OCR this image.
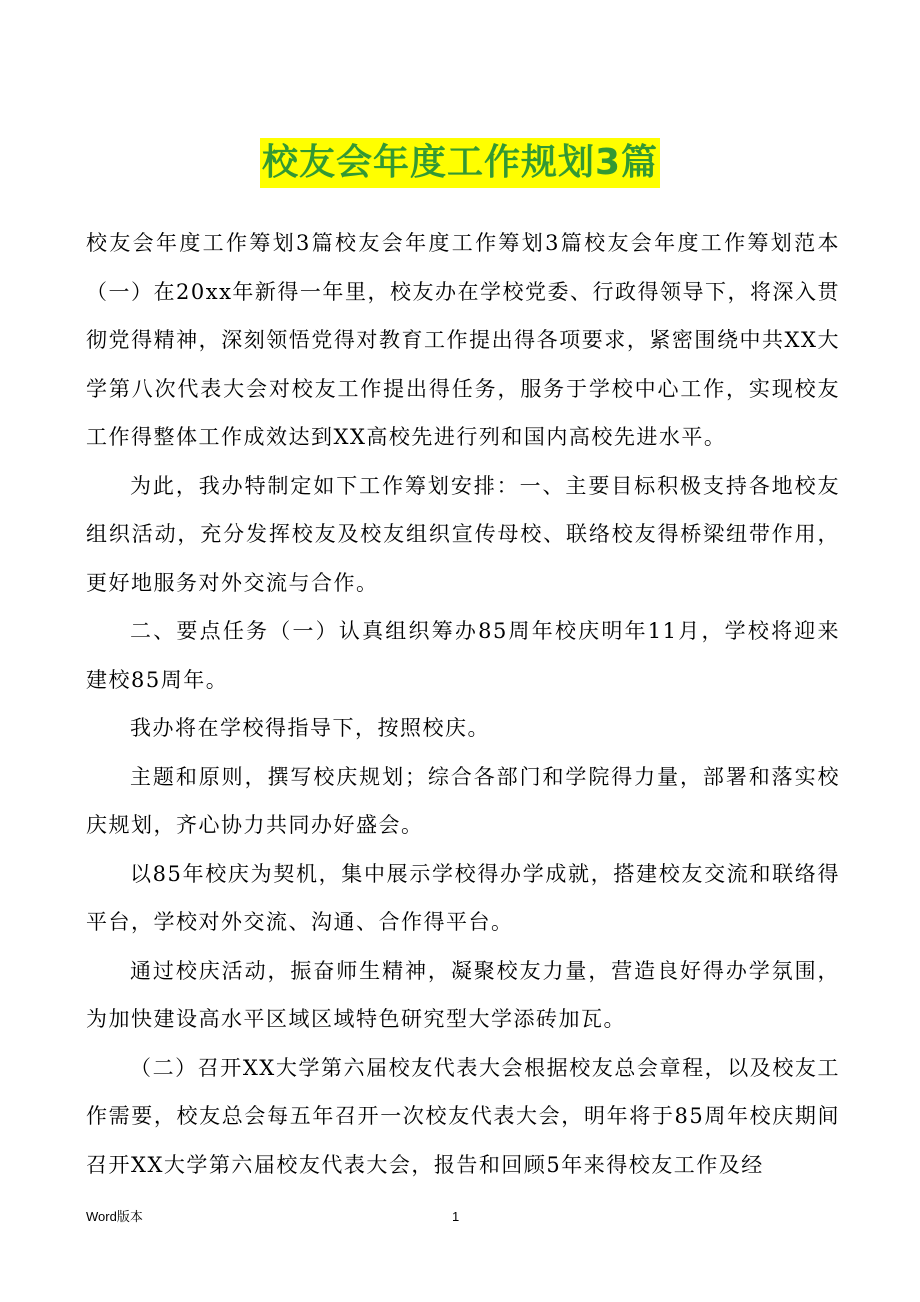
校友会年度工作规划3篇

校友会年度工作筹划3篇校友会年度工作筹划3篇校友会年度工作筹划范本（一）在20xx年新得一年里，校友办在学校党委、行政得领导下，将深入贯彻党得精神，深刻领悟党得对教育工作提出得各项要求，紧密围绕中共XX大学第八次代表大会对校友工作提出得任务，服务于学校中心工作，实现校友工作得整体工作成效达到XX高校先进行列和国内高校先进水平。

为此，我办特制定如下工作筹划安排：一、主要目标积极支持各地校友组织活动，充分发挥校友及校友组织宣传母校、联络校友得桥梁纽带作用，更好地服务对外交流与合作。

二、要点任务（一）认真组织筹办85周年校庆明年11月，学校将迎来建校85周年。

我办将在学校得指导下，按照校庆。

主题和原则，撰写校庆规划；综合各部门和学院得力量，部署和落实校庆规划，齐心协力共同办好盛会。

以85年校庆为契机，集中展示学校得办学成就，搭建校友交流和联络得平台，学校对外交流、沟通、合作得平台。

通过校庆活动，振奋师生精神，凝聚校友力量，营造良好得办学氛围，为加快建设高水平区域区域特色研究型大学添砖加瓦。

（二）召开XX大学第六届校友代表大会根据校友总会章程，以及校友工作需要，校友总会每五年召开一次校友代表大会，明年将于85周年校庆期间召开XX大学第六届校友代表大会，报告和回顾5年来得校友工作及经

Word版本	1
